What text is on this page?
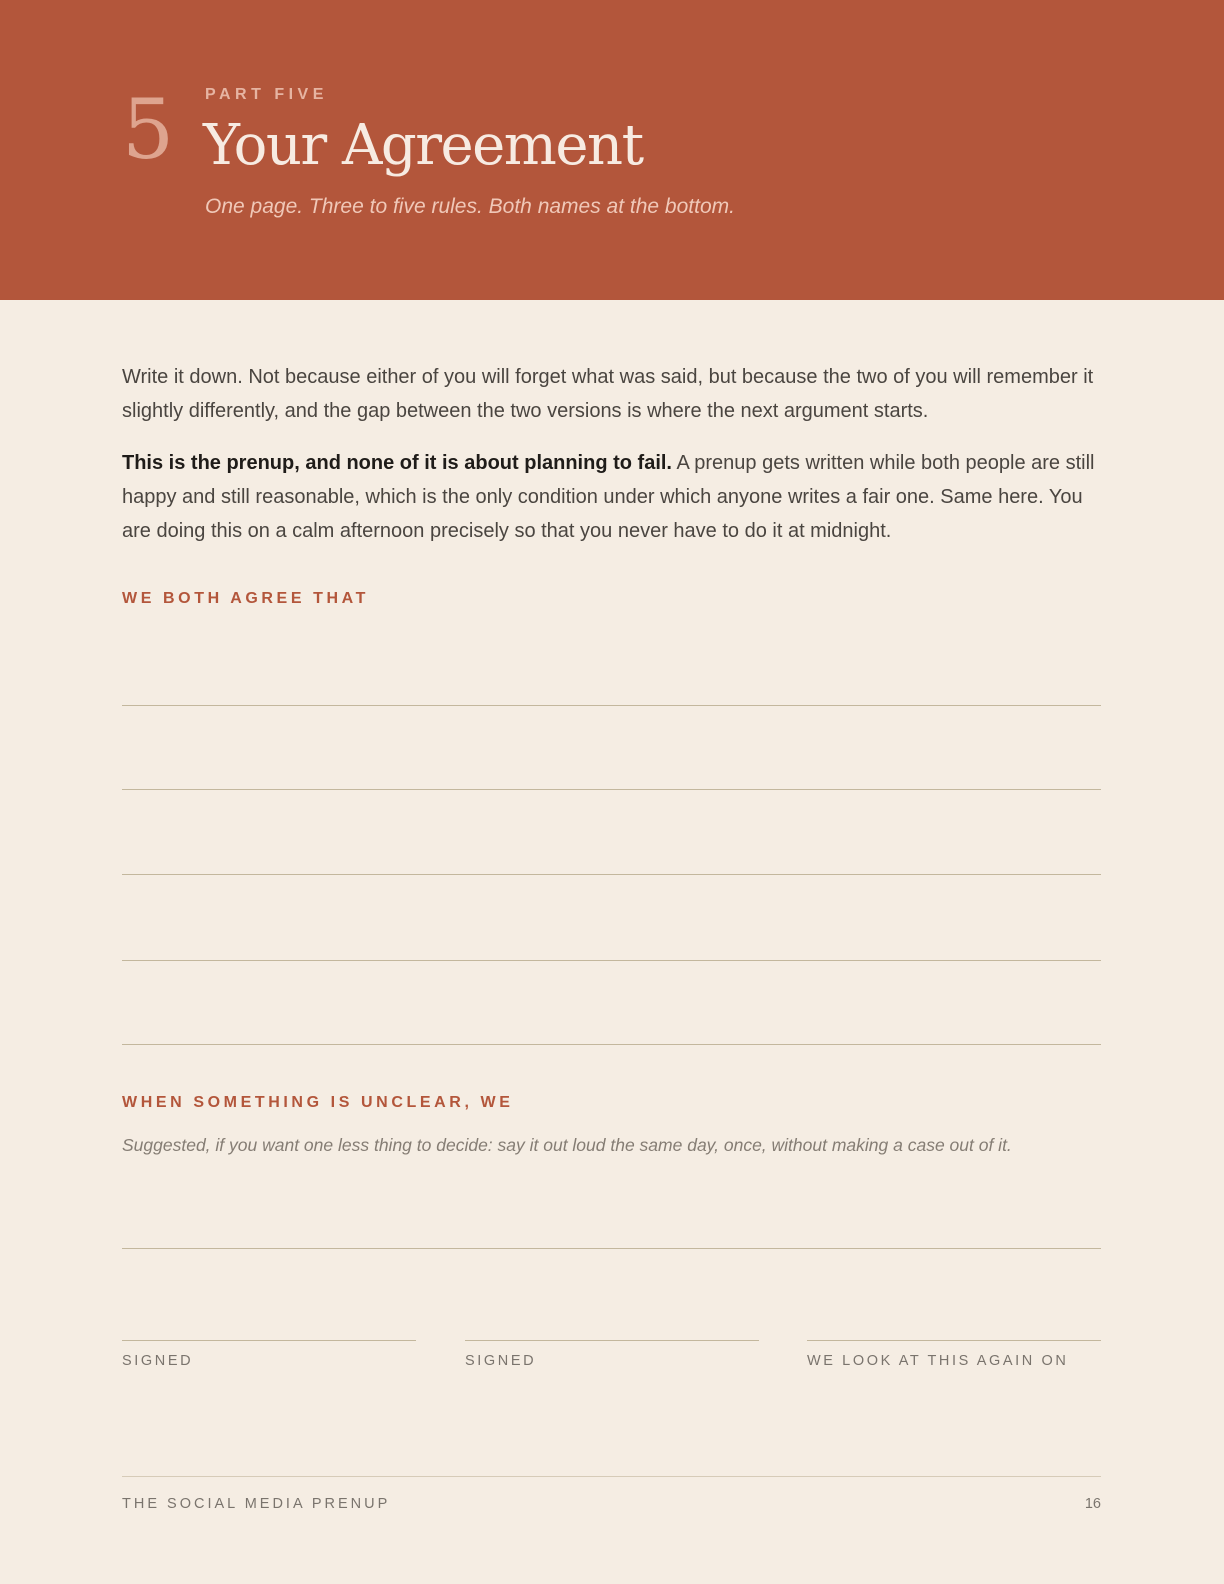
5 PART FIVE
Your Agreement
One page. Three to five rules. Both names at the bottom.

Write it down. Not because either of you will forget what was said, but because the two of you will remember it slightly differently, and the gap between the two versions is where the next argument starts.

This is the prenup, and none of it is about planning to fail. A prenup gets written while both people are still happy and still reasonable, which is the only condition under which anyone writes a fair one. Same here. You are doing this on a calm afternoon precisely so that you never have to do it at midnight.

WE BOTH AGREE THAT
WHEN SOMETHING IS UNCLEAR, WE
Suggested, if you want one less thing to decide: say it out loud the same day, once, without making a case out of it.
SIGNED	SIGNED	WE LOOK AT THIS AGAIN ON
THE SOCIAL MEDIA PRENUP	16
